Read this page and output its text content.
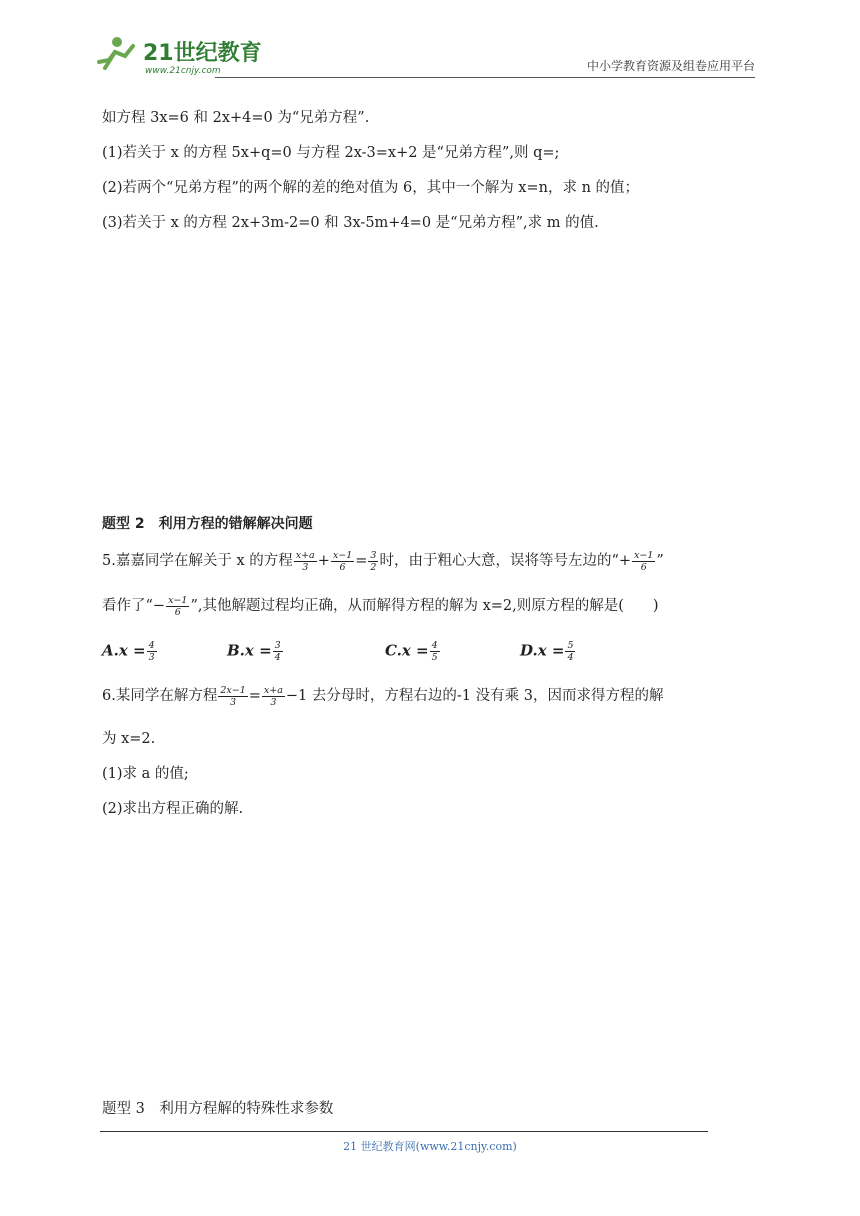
21世纪教育
www.21cnjy.com	中小学教育资源及组卷应用平台
如方程 3x=6 和 2x+4=0 为“兄弟方程”.
(1)若关于 x 的方程 5x+q=0 与方程 2x-3=x+2 是“兄弟方程”,则 q=;
(2)若两个“兄弟方程”的两个解的差的绝对值为 6，其中一个解为 x=n，求 n 的值；
(3)若关于 x 的方程 2x+3m-2=0 和 3x-5m+4=0 是“兄弟方程”,求 m 的值.
题型 2　利用方程的错解解决问题
5.嘉嘉同学在解关于 x 的方程 $\frac{x+a}{3} + \frac{x-1}{6} = \frac{3}{2}$ 时，由于粗心大意，误将等号左边的“+ $\frac{x-1}{6}$ ”
看作了“− $\frac{x-1}{6}$ ”,其他解题过程均正确，从而解得方程的解为 x=2,则原方程的解是(　　)
$A.x = \frac{4}{3}$	$B.x = \frac{3}{4}$	$C.x = \frac{4}{5}$	$D.x = \frac{5}{4}$
6.某同学在解方程 $\frac{2x-1}{3} = \frac{x+a}{3} -1$ 去分母时，方程右边的-1 没有乘 3，因而求得方程的解
为 x=2.
(1)求 a 的值;
(2)求出方程正确的解.
题型 3　利用方程解的特殊性求参数
21 世纪教育网(www.21cnjy.com)
